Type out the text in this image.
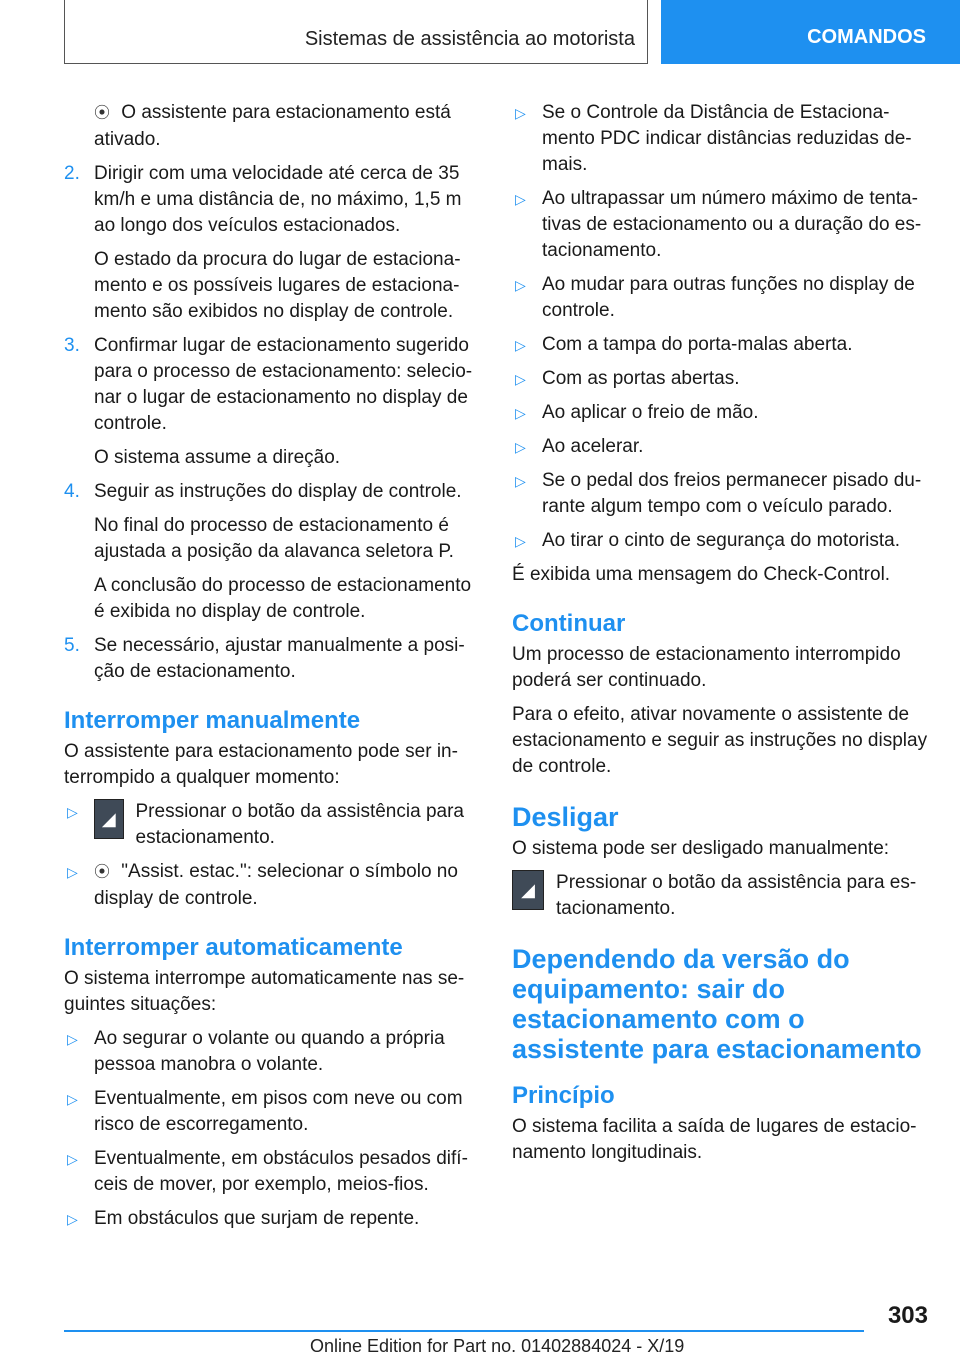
Sistemas de assistência ao motorista	COMANDOS
⦿ O assistente para estacionamento está ativado.
2. Dirigir com uma velocidade até cerca de 35 km/h e uma distância de, no máximo, 1,5 m ao longo dos veículos estacionados.
O estado da procura do lugar de estacionamento e os possíveis lugares de estacionamento são exibidos no display de controle.
3. Confirmar lugar de estacionamento sugerido para o processo de estacionamento: selecionar o lugar de estacionamento no display de controle.
O sistema assume a direção.
4. Seguir as instruções do display de controle.
No final do processo de estacionamento é ajustada a posição da alavanca seletora P.
A conclusão do processo de estacionamento é exibida no display de controle.
5. Se necessário, ajustar manualmente a posição de estacionamento.
Interromper manualmente
O assistente para estacionamento pode ser interrompido a qualquer momento:
▷	◢	Pressionar o botão da assistência para estacionamento.
▷ ⦿ "Assist. estac.": selecionar o símbolo no display de controle.
Interromper automaticamente
O sistema interrompe automaticamente nas seguintes situações:
▷ Ao segurar o volante ou quando a própria pessoa manobra o volante.
▷ Eventualmente, em pisos com neve ou com risco de escorregamento.
▷ Eventualmente, em obstáculos pesados difíceis de mover, por exemplo, meios-fios.
▷ Em obstáculos que surjam de repente.
▷ Se o Controle da Distância de Estacionamento PDC indicar distâncias reduzidas demais.
▷ Ao ultrapassar um número máximo de tentativas de estacionamento ou a duração do estacionamento.
▷ Ao mudar para outras funções no display de controle.
▷ Com a tampa do porta-malas aberta.
▷ Com as portas abertas.
▷ Ao aplicar o freio de mão.
▷ Ao acelerar.
▷ Se o pedal dos freios permanecer pisado durante algum tempo com o veículo parado.
▷ Ao tirar o cinto de segurança do motorista.
É exibida uma mensagem do Check-Control.
Continuar
Um processo de estacionamento interrompido poderá ser continuado.
Para o efeito, ativar novamente o assistente de estacionamento e seguir as instruções no display de controle.
Desligar
O sistema pode ser desligado manualmente:
◢	Pressionar o botão da assistência para estacionamento.
Dependendo da versão do equipamento: sair do estacionamento com o assistente para estacionamento
Princípio
O sistema facilita a saída de lugares de estacionamento longitudinais.
303
Online Edition for Part no. 01402884024 - X/19
